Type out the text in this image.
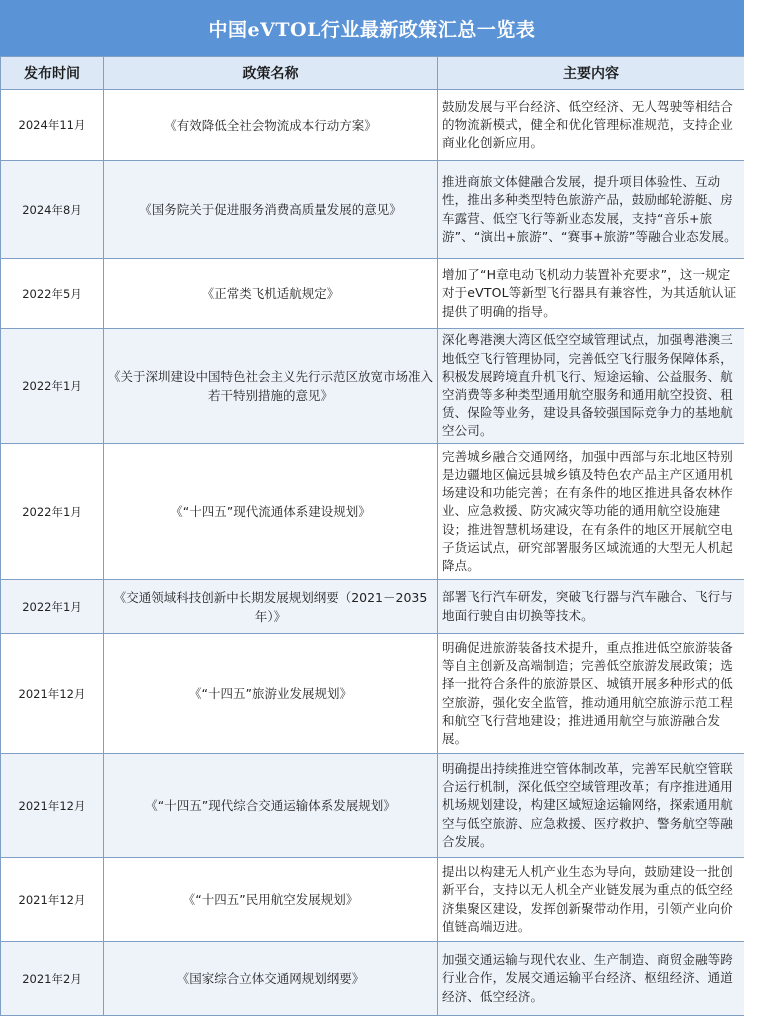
中国eVTOL行业最新政策汇总一览表
发布时间	政策名称	主要内容
2024年11月	《有效降低全社会物流成本行动方案》	鼓励发展与平台经济、低空经济、无人驾驶等相结合的物流新模式，健全和优化管理标准规范，支持企业商业化创新应用。
2024年8月	《国务院关于促进服务消费高质量发展的意见》	推进商旅文体健融合发展，提升项目体验性、互动性，推出多种类型特色旅游产品，鼓励邮轮游艇、房车露营、低空飞行等新业态发展，支持“音乐+旅游”、“演出+旅游”、“赛事+旅游”等融合业态发展。
2022年5月	《正常类飞机适航规定》	增加了“H章电动飞机动力装置补充要求”，这一规定对于eVTOL等新型飞行器具有兼容性，为其适航认证提供了明确的指导。
2022年1月	《关于深圳建设中国特色社会主义先行示范区放宽市场准入若干特别措施的意见》	深化粤港澳大湾区低空空域管理试点，加强粤港澳三地低空飞行管理协同，完善低空飞行服务保障体系，积极发展跨境直升机飞行、短途运输、公益服务、航空消费等多种类型通用航空服务和通用航空投资、租赁、保险等业务，建设具备较强国际竞争力的基地航空公司。
2022年1月	《“十四五”现代流通体系建设规划》	完善城乡融合交通网络，加强中西部与东北地区特别是边疆地区偏远县城乡镇及特色农产品主产区通用机场建设和功能完善；在有条件的地区推进具备农林作业、应急救援、防灾减灾等功能的通用航空设施建设；推进智慧机场建设，在有条件的地区开展航空电子货运试点，研究部署服务区域流通的大型无人机起降点。
2022年1月	《交通领域科技创新中长期发展规划纲要（2021－2035年）》	部署飞行汽车研发，突破飞行器与汽车融合、飞行与地面行驶自由切换等技术。
2021年12月	《“十四五”旅游业发展规划》	明确促进旅游装备技术提升，重点推进低空旅游装备等自主创新及高端制造；完善低空旅游发展政策；选择一批符合条件的旅游景区、城镇开展多种形式的低空旅游，强化安全监管，推动通用航空旅游示范工程和航空飞行营地建设；推进通用航空与旅游融合发展。
2021年12月	《“十四五”现代综合交通运输体系发展规划》	明确提出持续推进空管体制改革，完善军民航空管联合运行机制，深化低空空域管理改革；有序推进通用机场规划建设，构建区域短途运输网络，探索通用航空与低空旅游、应急救援、医疗救护、警务航空等融合发展。
2021年12月	《“十四五”民用航空发展规划》	提出以构建无人机产业生态为导向，鼓励建设一批创新平台，支持以无人机全产业链发展为重点的低空经济集聚区建设，发挥创新聚带动作用，引领产业向价值链高端迈进。
2021年2月	《国家综合立体交通网规划纲要》	加强交通运输与现代农业、生产制造、商贸金融等跨行业合作，发展交通运输平台经济、枢纽经济、通道经济、低空经济。
